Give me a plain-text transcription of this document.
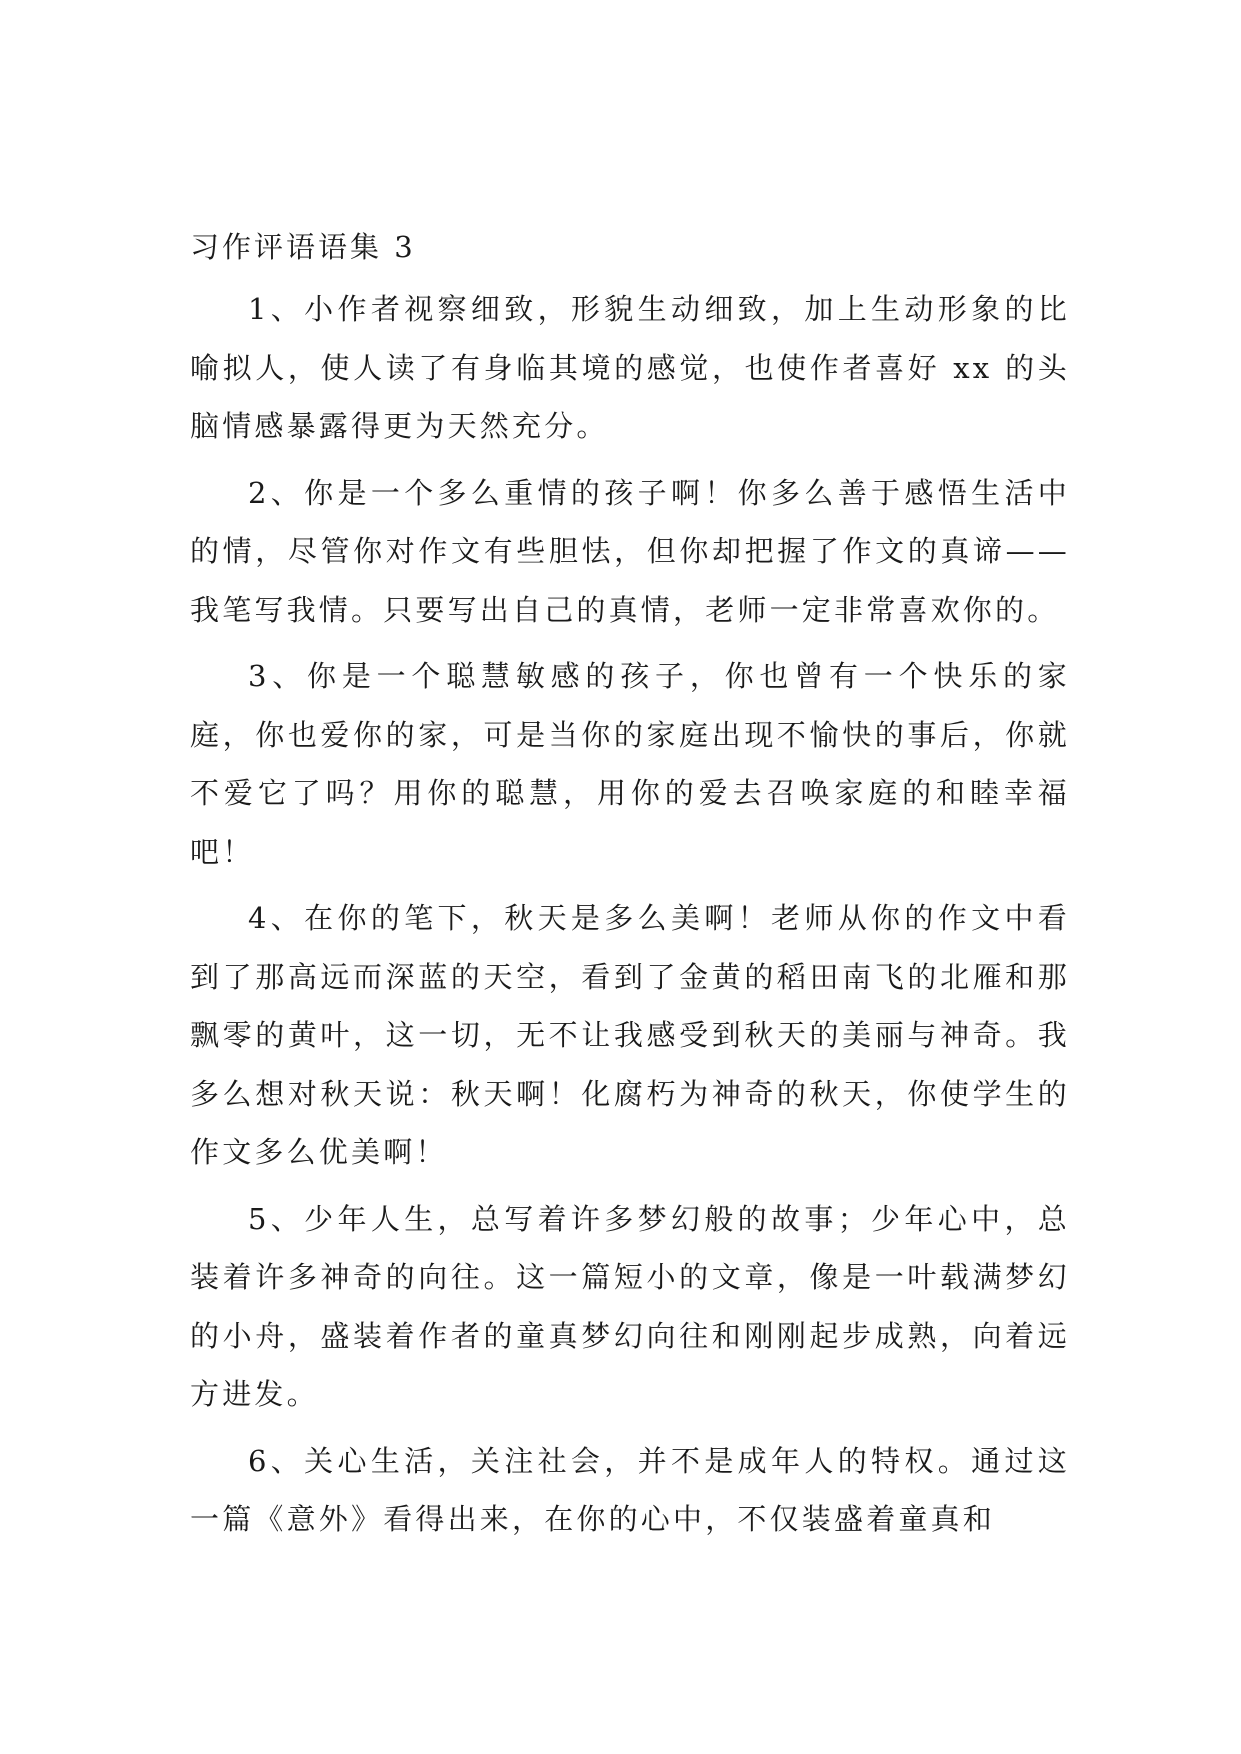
习作评语语集 3

1、小作者视察细致，形貌生动细致，加上生动形象的比喻拟人，使人读了有身临其境的感觉，也使作者喜好 xx 的头脑情感暴露得更为天然充分。

2、你是一个多么重情的孩子啊！你多么善于感悟生活中的情，尽管你对作文有些胆怯，但你却把握了作文的真谛——我笔写我情。只要写出自己的真情，老师一定非常喜欢你的。

3、你是一个聪慧敏感的孩子，你也曾有一个快乐的家庭，你也爱你的家，可是当你的家庭出现不愉快的事后，你就不爱它了吗？用你的聪慧，用你的爱去召唤家庭的和睦幸福吧！

4、在你的笔下，秋天是多么美啊！老师从你的作文中看到了那高远而深蓝的天空，看到了金黄的稻田南飞的北雁和那飘零的黄叶，这一切，无不让我感受到秋天的美丽与神奇。我多么想对秋天说：秋天啊！化腐朽为神奇的秋天，你使学生的作文多么优美啊！

5、少年人生，总写着许多梦幻般的故事；少年心中，总装着许多神奇的向往。这一篇短小的文章，像是一叶载满梦幻的小舟，盛装着作者的童真梦幻向往和刚刚起步成熟，向着远方进发。

6、关心生活，关注社会，并不是成年人的特权。通过这一篇《意外》看得出来，在你的心中，不仅装盛着童真和
